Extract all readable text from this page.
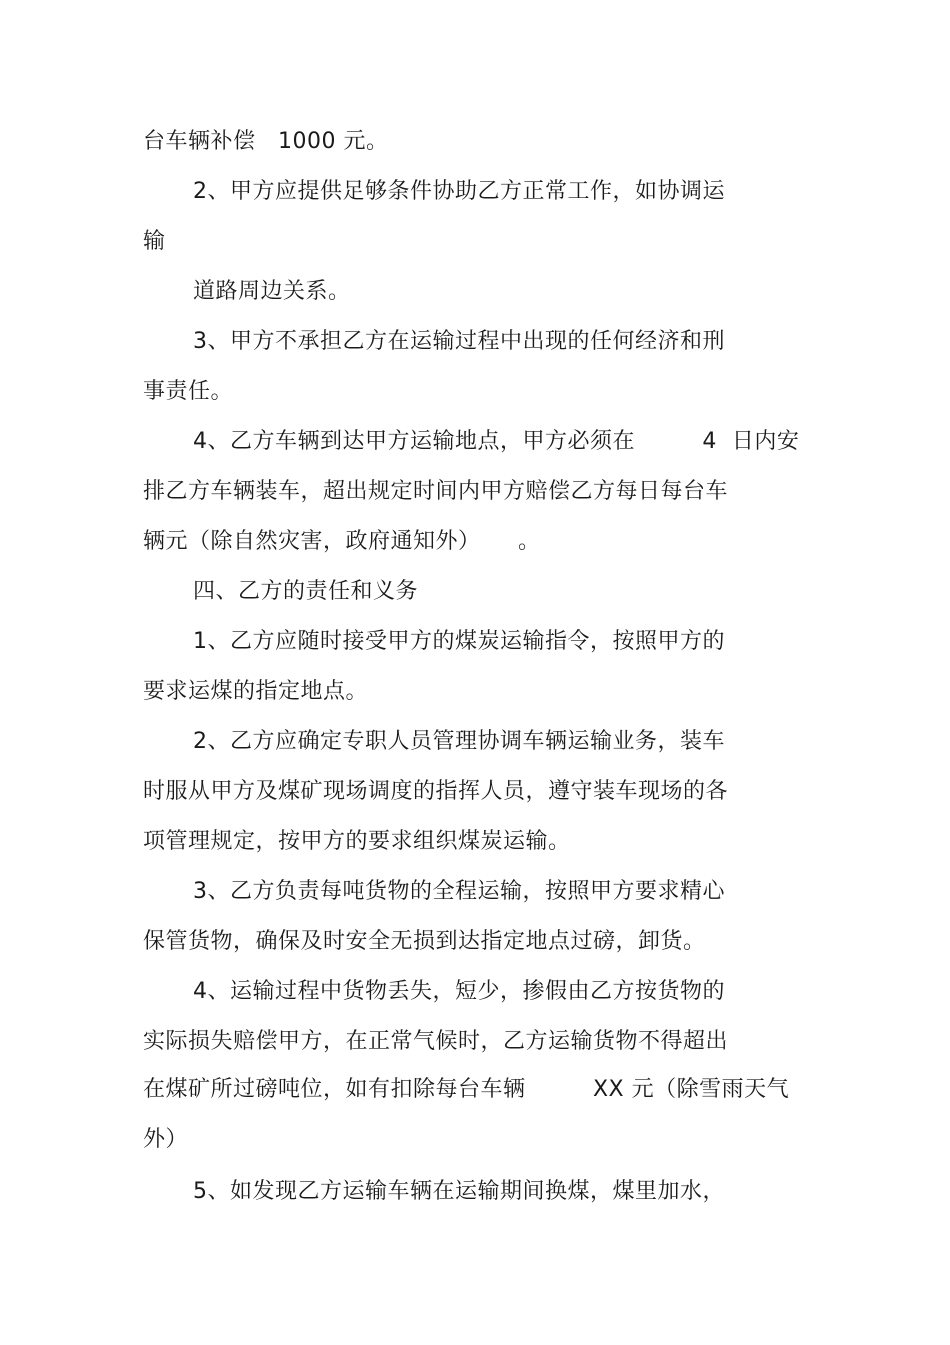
台车辆补偿   1000 元。
2、甲方应提供足够条件协助乙方正常工作，如协调运
输
道路周边关系。
3、甲方不承担乙方在运输过程中出现的任何经济和刑
事责任。
4、乙方车辆到达甲方运输地点，甲方必须在         4  日内安
排乙方车辆装车，超出规定时间内甲方赔偿乙方每日每台车
辆元（除自然灾害，政府通知外）     。
四、乙方的责任和义务
1、乙方应随时接受甲方的煤炭运输指令，按照甲方的
要求运煤的指定地点。
2、乙方应确定专职人员管理协调车辆运输业务，装车
时服从甲方及煤矿现场调度的指挥人员，遵守装车现场的各
项管理规定，按甲方的要求组织煤炭运输。
3、乙方负责每吨货物的全程运输，按照甲方要求精心
保管货物，确保及时安全无损到达指定地点过磅，卸货。
4、运输过程中货物丢失，短少，掺假由乙方按货物的
实际损失赔偿甲方，在正常气候时，乙方运输货物不得超出
在煤矿所过磅吨位，如有扣除每台车辆         XX 元（除雪雨天气
外）
5、如发现乙方运输车辆在运输期间换煤，煤里加水，
